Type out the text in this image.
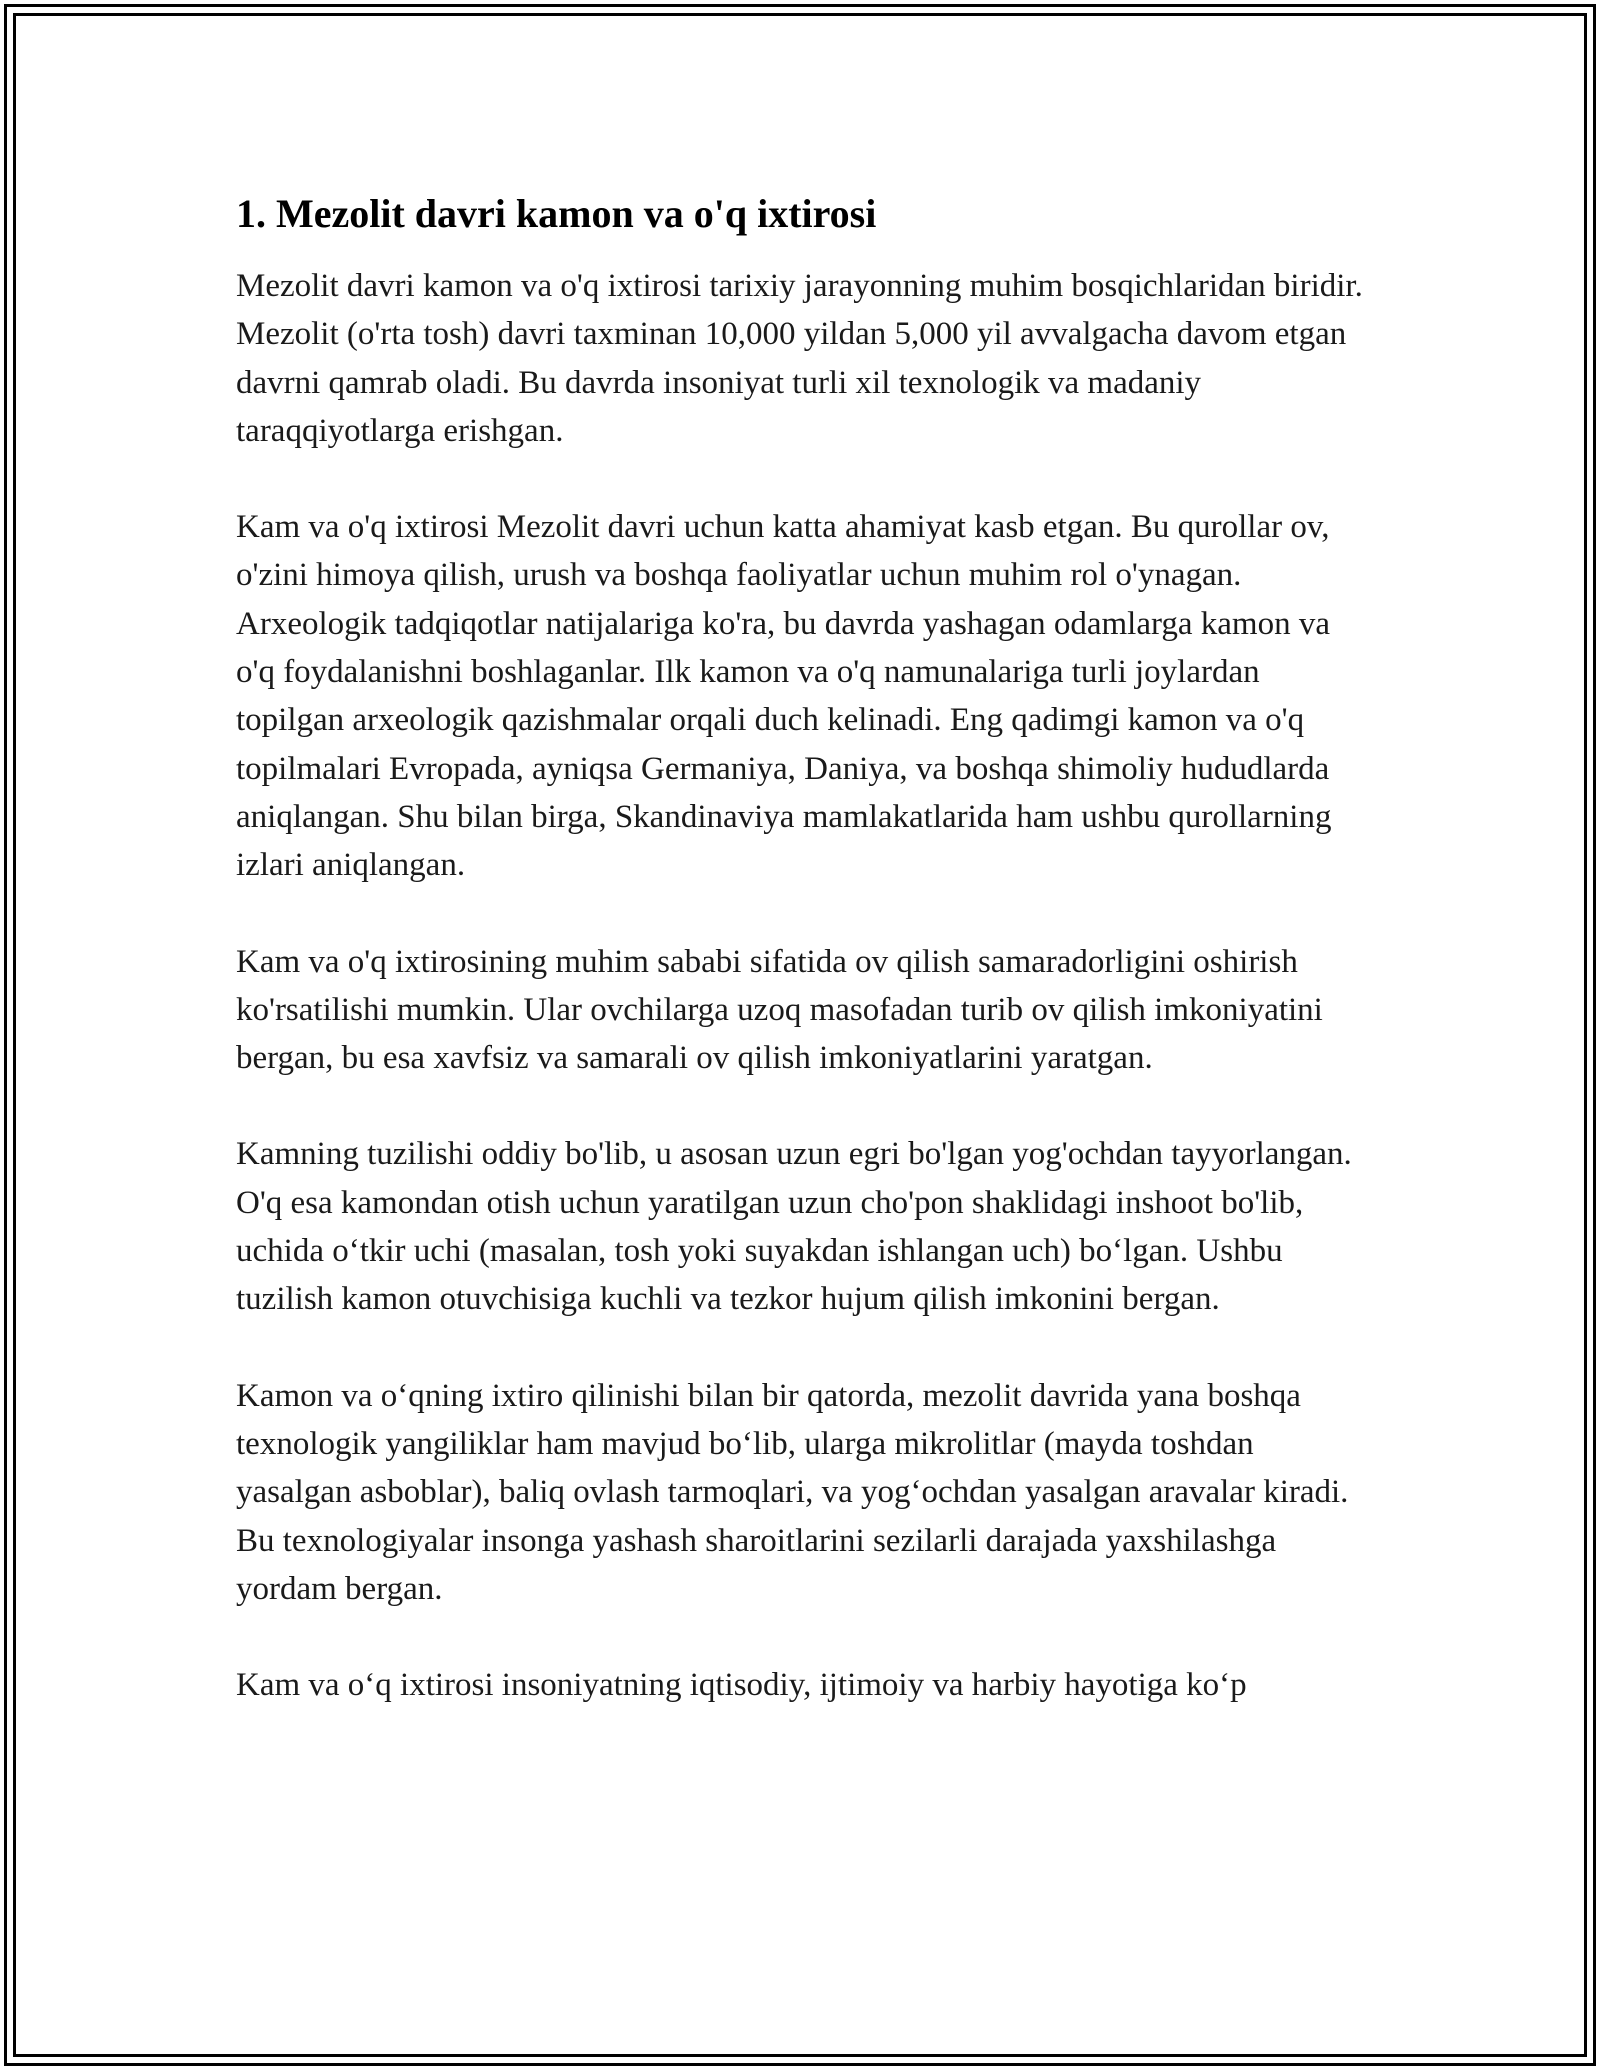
1. Mezolit davri kamon va o'q ixtirosi

Mezolit davri kamon va o'q ixtirosi tarixiy jarayonning muhim bosqichlaridan biridir. Mezolit (o'rta tosh) davri taxminan 10,000 yildan 5,000 yil avvalgacha davom etgan davrni qamrab oladi. Bu davrda insoniyat turli xil texnologik va madaniy taraqqiyotlarga erishgan.

Kam va o'q ixtirosi Mezolit davri uchun katta ahamiyat kasb etgan. Bu qurollar ov, o'zini himoya qilish, urush va boshqa faoliyatlar uchun muhim rol o'ynagan. Arxeologik tadqiqotlar natijalariga ko'ra, bu davrda yashagan odamlarga kamon va o'q foydalanishni boshlaganlar. Ilk kamon va o'q namunalariga turli joylardan topilgan arxeologik qazishmalar orqali duch kelinadi. Eng qadimgi kamon va o'q topilmalari Evropada, ayniqsa Germaniya, Daniya, va boshqa shimoliy hududlarda aniqlangan. Shu bilan birga, Skandinaviya mamlakatlarida ham ushbu qurollarning izlari aniqlangan.

Kam va o'q ixtirosining muhim sababi sifatida ov qilish samaradorligini oshirish ko'rsatilishi mumkin. Ular ovchilarga uzoq masofadan turib ov qilish imkoniyatini bergan, bu esa xavfsiz va samarali ov qilish imkoniyatlarini yaratgan.

Kamning tuzilishi oddiy bo'lib, u asosan uzun egri bo'lgan yog'ochdan tayyorlangan. O'q esa kamondan otish uchun yaratilgan uzun cho'pon shaklidagi inshoot bo'lib, uchida o‘tkir uchi (masalan, tosh yoki suyakdan ishlangan uch) bo‘lgan. Ushbu tuzilish kamon otuvchisiga kuchli va tezkor hujum qilish imkonini bergan.

Kamon va o‘qning ixtiro qilinishi bilan bir qatorda, mezolit davrida yana boshqa texnologik yangiliklar ham mavjud bo‘lib, ularga mikrolitlar (mayda toshdan yasalgan asboblar), baliq ovlash tarmoqlari, va yog‘ochdan yasalgan aravalar kiradi. Bu texnologiyalar insonga yashash sharoitlarini sezilarli darajada yaxshilashga yordam bergan.

Kam va o‘q ixtirosi insoniyatning iqtisodiy, ijtimoiy va harbiy hayotiga ko‘p
